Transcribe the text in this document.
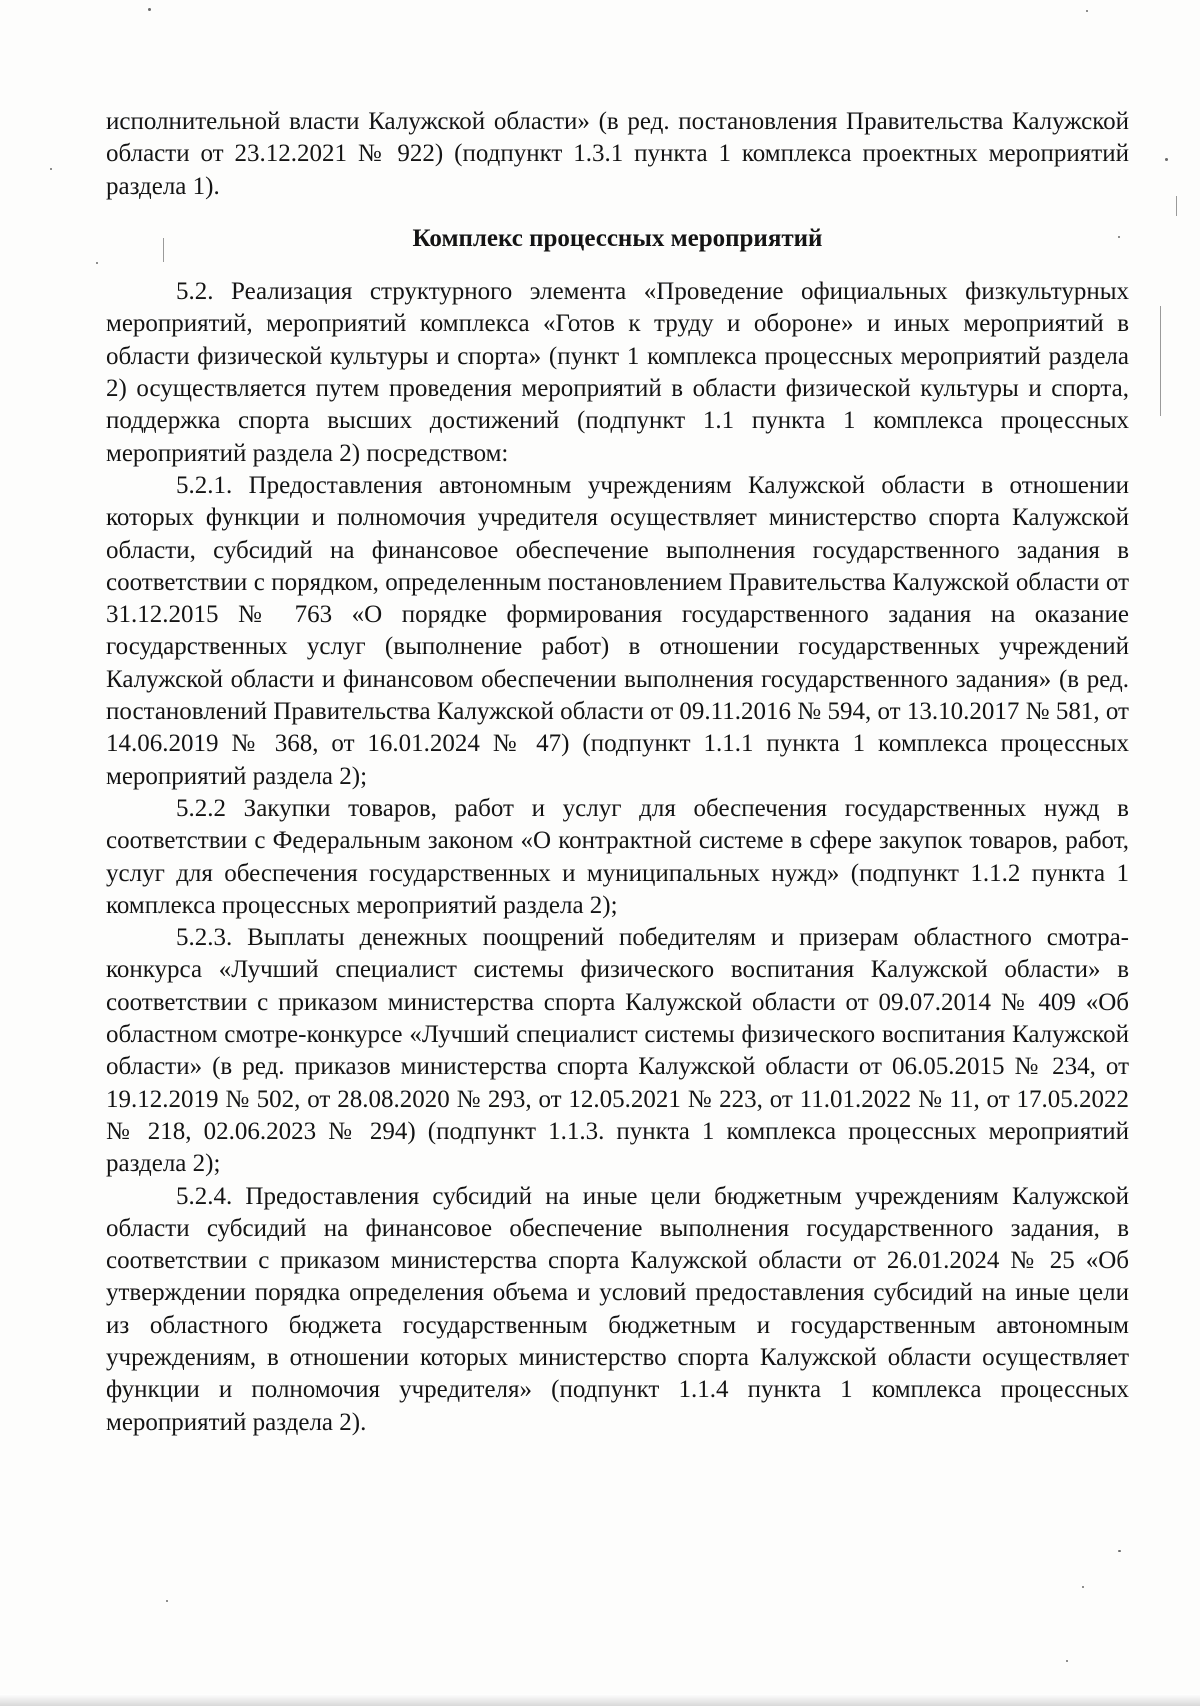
исполнительной власти Калужской области» (в ред. постановления Правительства Калужской области от 23.12.2021 № 922) (подпункт 1.3.1 пункта 1 комплекса проектных мероприятий раздела 1).

Комплекс процессных мероприятий

5.2. Реализация структурного элемента «Проведение официальных физкультурных мероприятий, мероприятий комплекса «Готов к труду и обороне» и иных мероприятий в области физической культуры и спорта» (пункт 1 комплекса процессных мероприятий раздела 2) осуществляется путем проведения мероприятий в области физической культуры и спорта, поддержка спорта высших достижений (подпункт 1.1 пункта 1 комплекса процессных мероприятий раздела 2) посредством:

5.2.1. Предоставления автономным учреждениям Калужской области в отношении которых функции и полномочия учредителя осуществляет министерство спорта Калужской области, субсидий на финансовое обеспечение выполнения государственного задания в соответствии с порядком, определенным постановлением Правительства Калужской области от 31.12.2015 № 763 «О порядке формирования государственного задания на оказание государственных услуг (выполнение работ) в отношении государственных учреждений Калужской области и финансовом обеспечении выполнения государственного задания» (в ред. постановлений Правительства Калужской области от 09.11.2016 № 594, от 13.10.2017 № 581, от 14.06.2019 № 368, от 16.01.2024 № 47) (подпункт 1.1.1 пункта 1 комплекса процессных мероприятий раздела 2);

5.2.2 Закупки товаров, работ и услуг для обеспечения государственных нужд в соответствии с Федеральным законом «О контрактной системе в сфере закупок товаров, работ, услуг для обеспечения государственных и муниципальных нужд» (подпункт 1.1.2 пункта 1 комплекса процессных мероприятий раздела 2);

5.2.3. Выплаты денежных поощрений победителям и призерам областного смотра-конкурса «Лучший специалист системы физического воспитания Калужской области» в соответствии с приказом министерства спорта Калужской области от 09.07.2014 № 409 «Об областном смотре-конкурсе «Лучший специалист системы физического воспитания Калужской области» (в ред. приказов министерства спорта Калужской области от 06.05.2015 № 234, от 19.12.2019 № 502, от 28.08.2020 № 293, от 12.05.2021 № 223, от 11.01.2022 № 11, от 17.05.2022 № 218, 02.06.2023 № 294) (подпункт 1.1.3. пункта 1 комплекса процессных мероприятий раздела 2);

5.2.4. Предоставления субсидий на иные цели бюджетным учреждениям Калужской области субсидий на финансовое обеспечение выполнения государственного задания, в соответствии с приказом министерства спорта Калужской области от 26.01.2024 № 25 «Об утверждении порядка определения объема и условий предоставления субсидий на иные цели из областного бюджета государственным бюджетным и государственным автономным учреждениям, в отношении которых министерство спорта Калужской области осуществляет функции и полномочия учредителя» (подпункт 1.1.4 пункта 1 комплекса процессных мероприятий раздела 2).
